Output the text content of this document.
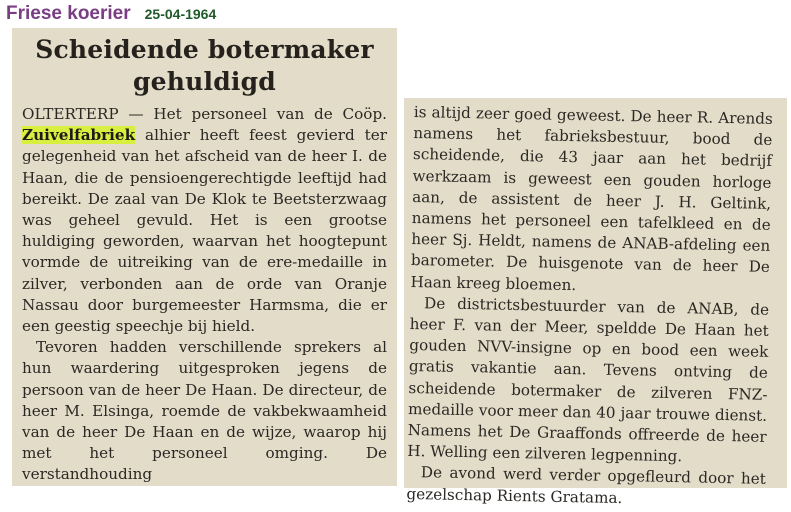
Friese koerier 25-04-1964
Scheidende botermaker
gehuldigd

OLTERTERP — Het personeel van de Coöp. Zuivelfabriek alhier heeft feest gevierd ter gelegenheid van het afscheid van de heer I. de Haan, die de pensioengerechtigde leeftijd had bereikt. De zaal van De Klok te Beetsterzwaag was geheel gevuld. Het is een grootse huldiging geworden, waarvan het hoogtepunt vormde de uitreiking van de ere-medaille in zilver, verbonden aan de orde van Oranje Nassau door burgemeester Harmsma, die er een geestig speechje bij hield.

Tevoren hadden verschillende sprekers al hun waardering uitgesproken jegens de persoon van de heer De Haan. De directeur, de heer M. Elsinga, roemde de vakbekwaamheid van de heer De Haan en de wijze, waarop hij met het personeel omging. De verstandhouding

is altijd zeer goed geweest. De heer R. Arends namens het fabrieksbestuur, bood de scheidende, die 43 jaar aan het bedrijf werkzaam is geweest een gouden horloge aan, de assistent de heer J. H. Geltink, namens het personeel een tafelkleed en de heer Sj. Heldt, namens de ANAB-afdeling een barometer. De huisgenote van de heer De Haan kreeg bloemen.

De districtsbestuurder van de ANAB, de heer F. van der Meer, speldde De Haan het gouden NVV-insigne op en bood een week gratis vakantie aan. Tevens ontving de scheidende botermaker de zilveren FNZ-medaille voor meer dan 40 jaar trouwe dienst. Namens het De Graaffonds offreerde de heer H. Welling een zilveren legpenning.

De avond werd verder opgefleurd door het gezelschap Rients Gratama.
